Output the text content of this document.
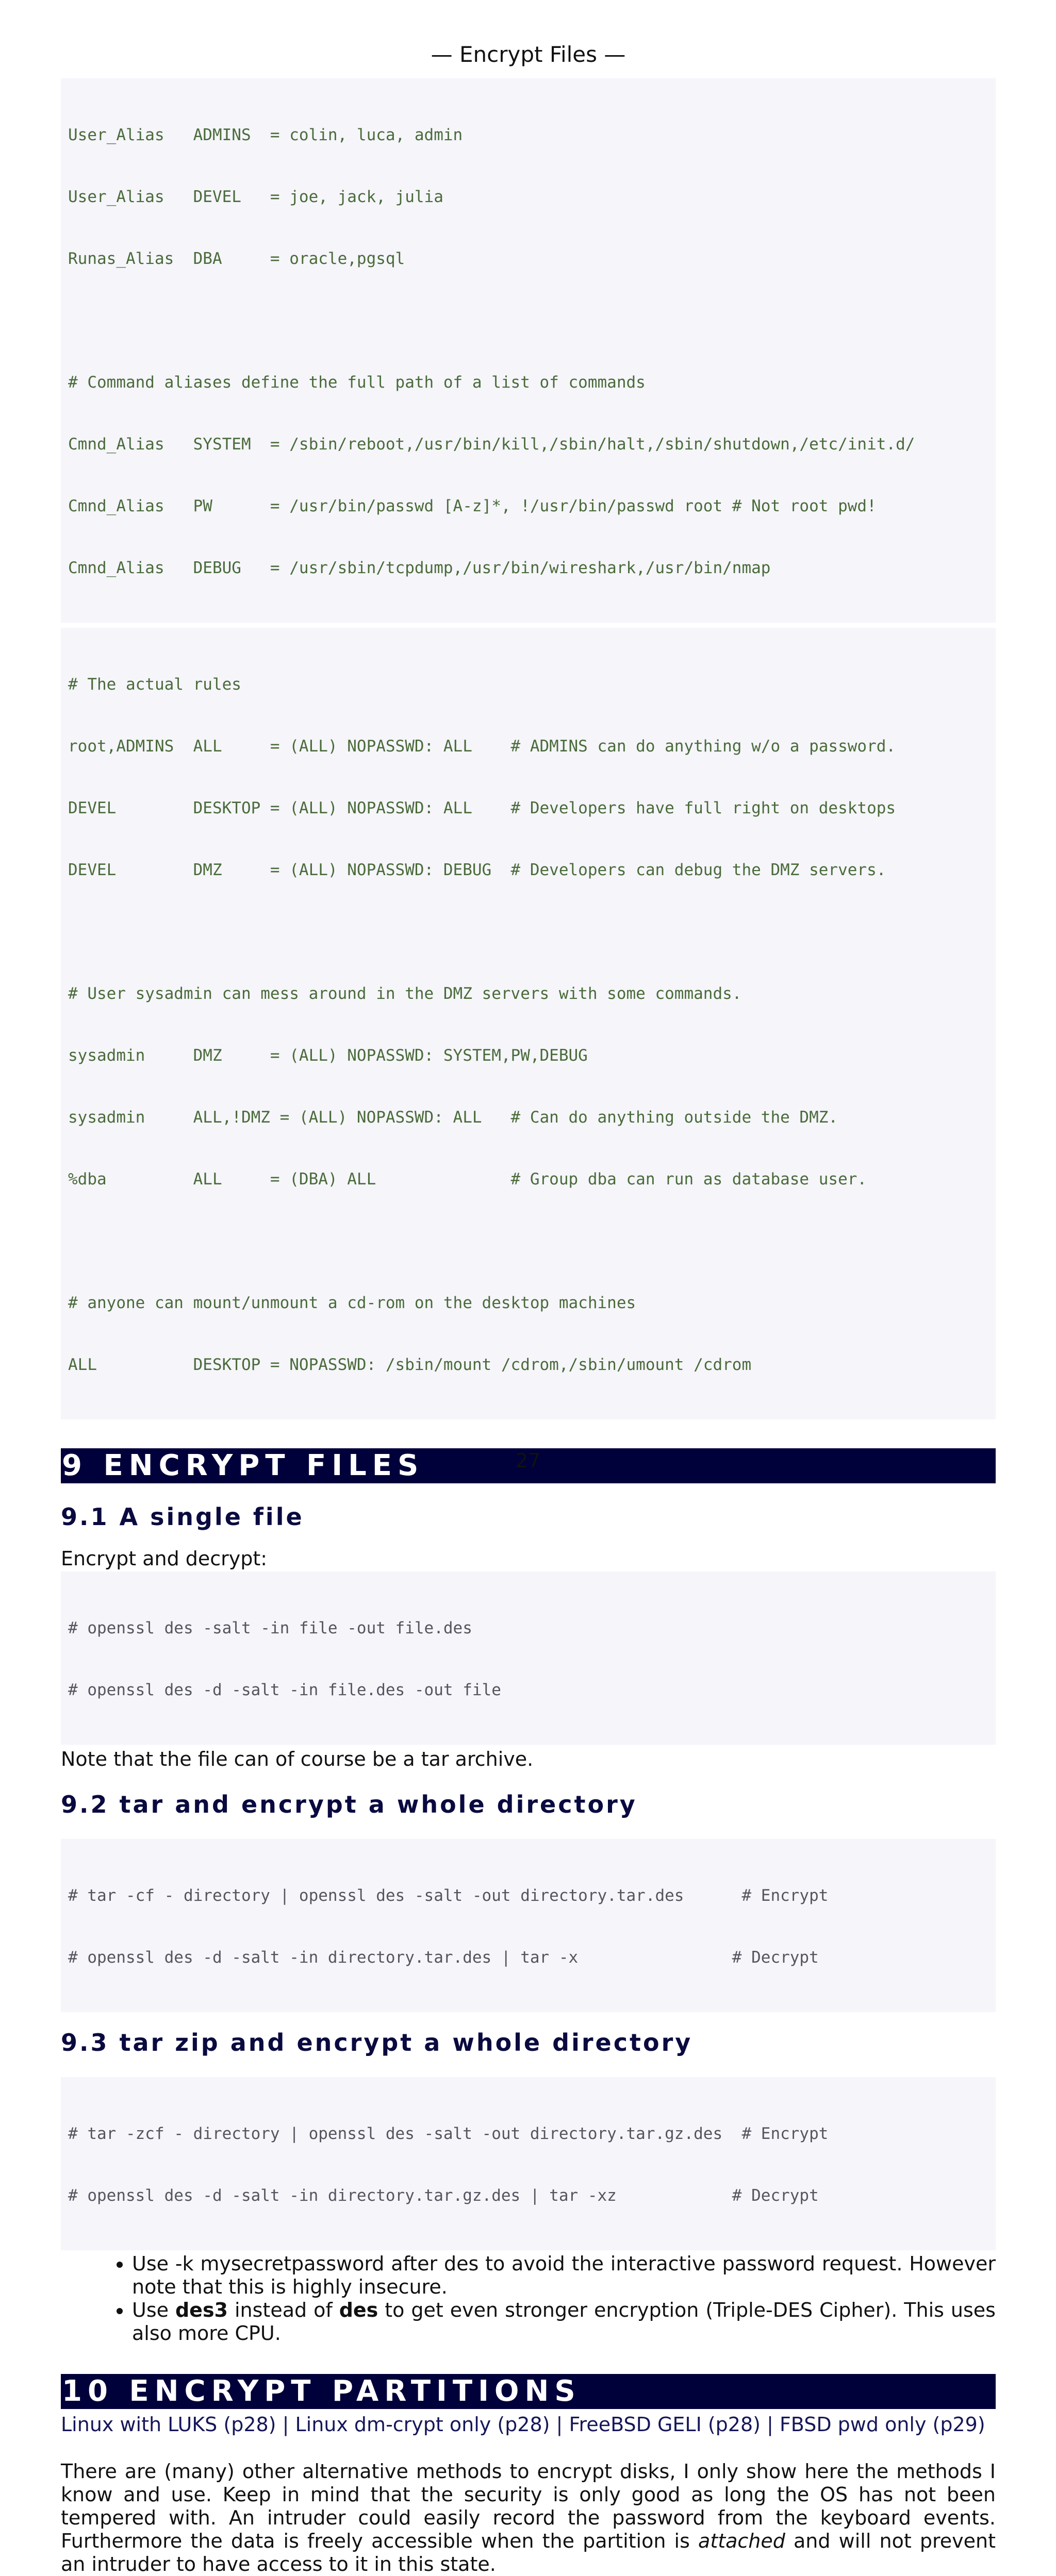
— Encrypt Files —

User_Alias   ADMINS  = colin, luca, admin

User_Alias   DEVEL   = joe, jack, julia

Runas_Alias  DBA     = oracle,pgsql

# Command aliases define the full path of a list of commands

Cmnd_Alias   SYSTEM  = /sbin/reboot,/usr/bin/kill,/sbin/halt,/sbin/shutdown,/etc/init.d/

Cmnd_Alias   PW      = /usr/bin/passwd [A-z]*, !/usr/bin/passwd root # Not root pwd!

Cmnd_Alias   DEBUG   = /usr/sbin/tcpdump,/usr/bin/wireshark,/usr/bin/nmap

# The actual rules

root,ADMINS  ALL     = (ALL) NOPASSWD: ALL    # ADMINS can do anything w/o a password.

DEVEL        DESKTOP = (ALL) NOPASSWD: ALL    # Developers have full right on desktops

DEVEL        DMZ     = (ALL) NOPASSWD: DEBUG  # Developers can debug the DMZ servers.

# User sysadmin can mess around in the DMZ servers with some commands.

sysadmin     DMZ     = (ALL) NOPASSWD: SYSTEM,PW,DEBUG

sysadmin     ALL,!DMZ = (ALL) NOPASSWD: ALL   # Can do anything outside the DMZ.

%dba         ALL     = (DBA) ALL              # Group dba can run as database user.

# anyone can mount/unmount a cd-rom on the desktop machines

ALL          DESKTOP = NOPASSWD: /sbin/mount /cdrom,/sbin/umount /cdrom

9 ENCRYPT FILES
9.1 A single file

Encrypt and decrypt:

# openssl des -salt -in file -out file.des

# openssl des -d -salt -in file.des -out file

Note that the file can of course be a tar archive.

9.2 tar and encrypt a whole directory

# tar -cf - directory | openssl des -salt -out directory.tar.des      # Encrypt

# openssl des -d -salt -in directory.tar.des | tar -x                # Decrypt

9.3 tar zip and encrypt a whole directory

# tar -zcf - directory | openssl des -salt -out directory.tar.gz.des  # Encrypt

# openssl des -d -salt -in directory.tar.gz.des | tar -xz            # Decrypt

• Use -k mysecretpassword after des to avoid the interactive password request. However note that this is highly insecure.
• Use des3 instead of des to get even stronger encryption (Triple-DES Cipher). This uses also more CPU.
10 ENCRYPT PARTITIONS
Linux with LUKS (p28) | Linux dm-crypt only (p28) | FreeBSD GELI (p28) | FBSD pwd only (p29)

There are (many) other alternative methods to encrypt disks, I only show here the methods I know and use. Keep in mind that the security is only good as long the OS has not been tempered with. An intruder could easily record the password from the keyboard events. Furthermore the data is freely accessible when the partition is attached and will not prevent an intruder to have access to it in this state.

27
